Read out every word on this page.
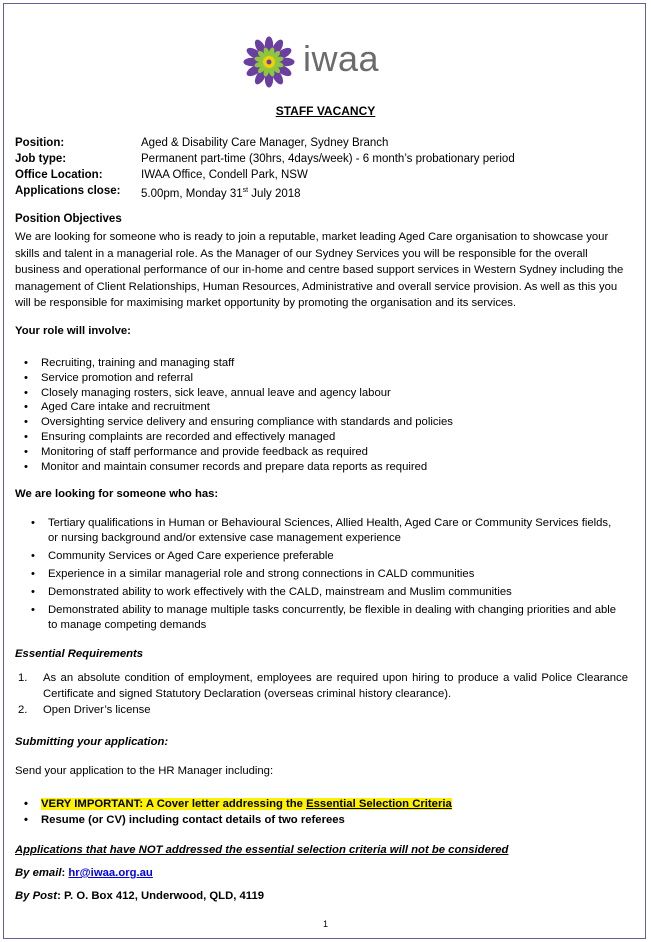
iwaa
STAFF VACANCY
Position:	Aged & Disability Care Manager, Sydney Branch
Job type:	Permanent part-time (30hrs, 4days/week) - 6 month’s probationary period
Office Location:	IWAA Office, Condell Park, NSW
Applications close:	5.00pm, Monday 31st July 2018
Position Objectives
We are looking for someone who is ready to join a reputable, market leading Aged Care organisation to showcase your skills and talent in a managerial role. As the Manager of our Sydney Services you will be responsible for the overall business and operational performance of our in-home and centre based support services in Western Sydney including the management of Client Relationships, Human Resources, Administrative and overall service provision. As well as this you will be responsible for maximising market opportunity by promoting the organisation and its services.
Your role will involve:
• Recruiting, training and managing staff
• Service promotion and referral
• Closely managing rosters, sick leave, annual leave and agency labour
• Aged Care intake and recruitment
• Oversighting service delivery and ensuring compliance with standards and policies
• Ensuring complaints are recorded and effectively managed
• Monitoring of staff performance and provide feedback as required
• Monitor and maintain consumer records and prepare data reports as required
We are looking for someone who has:
• Tertiary qualifications in Human or Behavioural Sciences, Allied Health, Aged Care or Community Services fields, or nursing background and/or extensive case management experience
• Community Services or Aged Care experience preferable
• Experience in a similar managerial role and strong connections in CALD communities
• Demonstrated ability to work effectively with the CALD, mainstream and Muslim communities
• Demonstrated ability to manage multiple tasks concurrently, be flexible in dealing with changing priorities and able to manage competing demands
Essential Requirements
1. As an absolute condition of employment, employees are required upon hiring to produce a valid Police Clearance Certificate and signed Statutory Declaration (overseas criminal history clearance).
2. Open Driver’s license
Submitting your application:
Send your application to the HR Manager including:
• VERY IMPORTANT: A Cover letter addressing the Essential Selection Criteria
• Resume (or CV) including contact details of two referees
Applications that have NOT addressed the essential selection criteria will not be considered
By email: hr@iwaa.org.au
By Post: P. O. Box 412, Underwood, QLD, 4119
1
